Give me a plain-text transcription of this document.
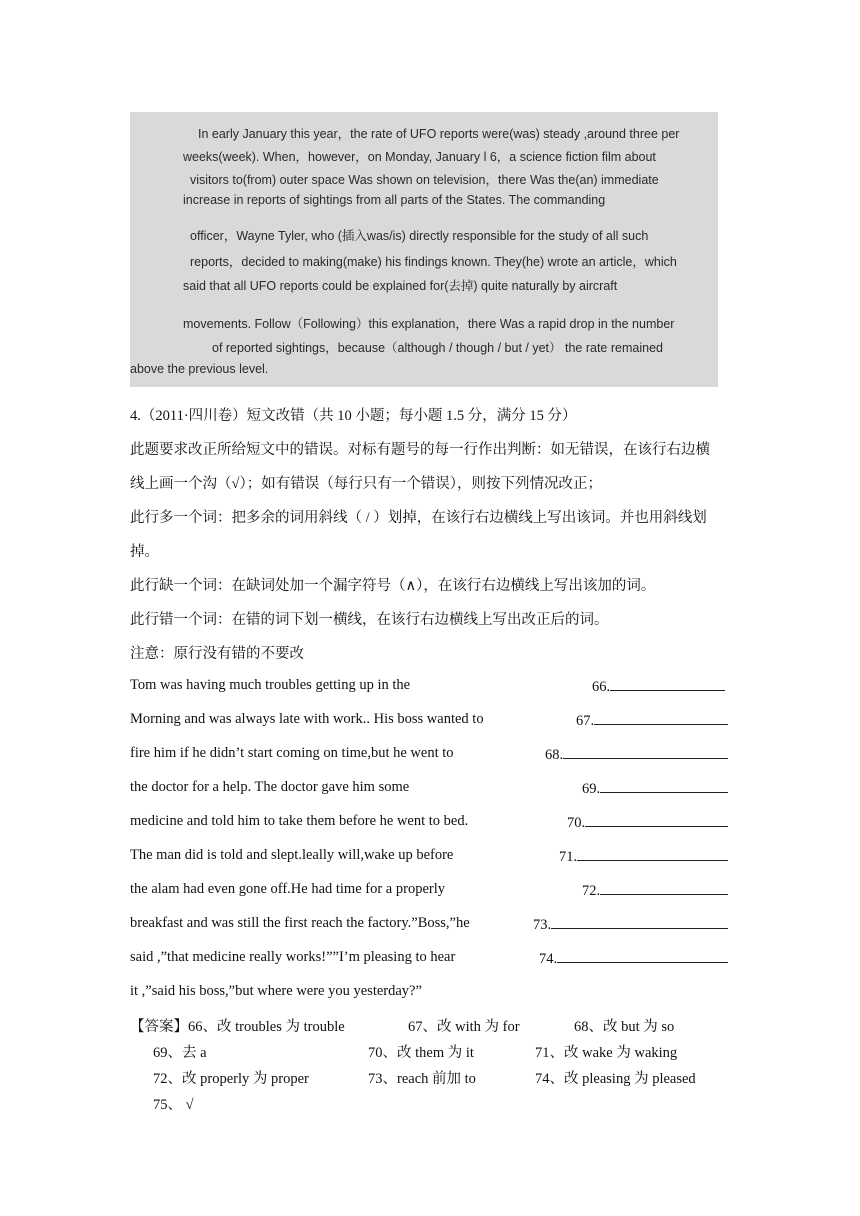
In early January this year，the rate of UFO reports were(was) steady ,around three per
weeks(week). When，however，on Monday, January l 6，a science fiction film about
visitors to(from) outer space Was shown on television，there Was the(an) immediate
increase in reports of sightings from all parts of the States. The commanding
officer，Wayne Tyler, who (插入was/is) directly responsible for the study of all such
reports，decided to making(make) his findings known. They(he) wrote an article，which
said that all UFO reports could be explained for(去掉) quite naturally by aircraft
movements. Follow（Following）this explanation，there Was a rapid drop in the number
of reported sightings，because（although / though / but / yet） the rate remained
above the previous level.
4.（2011·四川卷）短文改错（共 10 小题；每小题 1.5 分，满分 15 分）
此题要求改正所给短文中的错误。对标有题号的每一行作出判断：如无错误，在该行右边横
线上画一个沟（√）；如有错误（每行只有一个错误），则按下列情况改正；
此行多一个词：把多余的词用斜线（ / ）划掉，在该行右边横线上写出该词。并也用斜线划
掉。
此行缺一个词：在缺词处加一个漏字符号（∧），在该行右边横线上写出该加的词。
此行错一个词：在错的词下划一横线，在该行右边横线上写出改正后的词。
注意：原行没有错的不要改
Tom was having much troubles getting up in the	66.
Morning and was always late with work.. His boss wanted to	67.
fire him if he didn’t start coming on time,but he went to	68.
the doctor for a help. The doctor gave him some	69.
medicine and told him to take them before he went to bed.	70.
The man did is told and slept.leally will,wake up before	71.
the alam had even gone off.He had time for a properly	72.
breakfast and was still the first reach the factory.”Boss,”he	73.
said ,”that medicine really works!””I’m pleasing to hear	74.
it ,”said his boss,”but where were you yesterday?”
【答案】 66、改 troubles 为 trouble	67、改 with 为 for	68、改 but 为 so
69、去 a	70、改 them 为 it	71、改 wake 为 waking
72、改 properly 为 proper	73、reach 前加 to	74、改 pleasing 为 pleased
75、 √
